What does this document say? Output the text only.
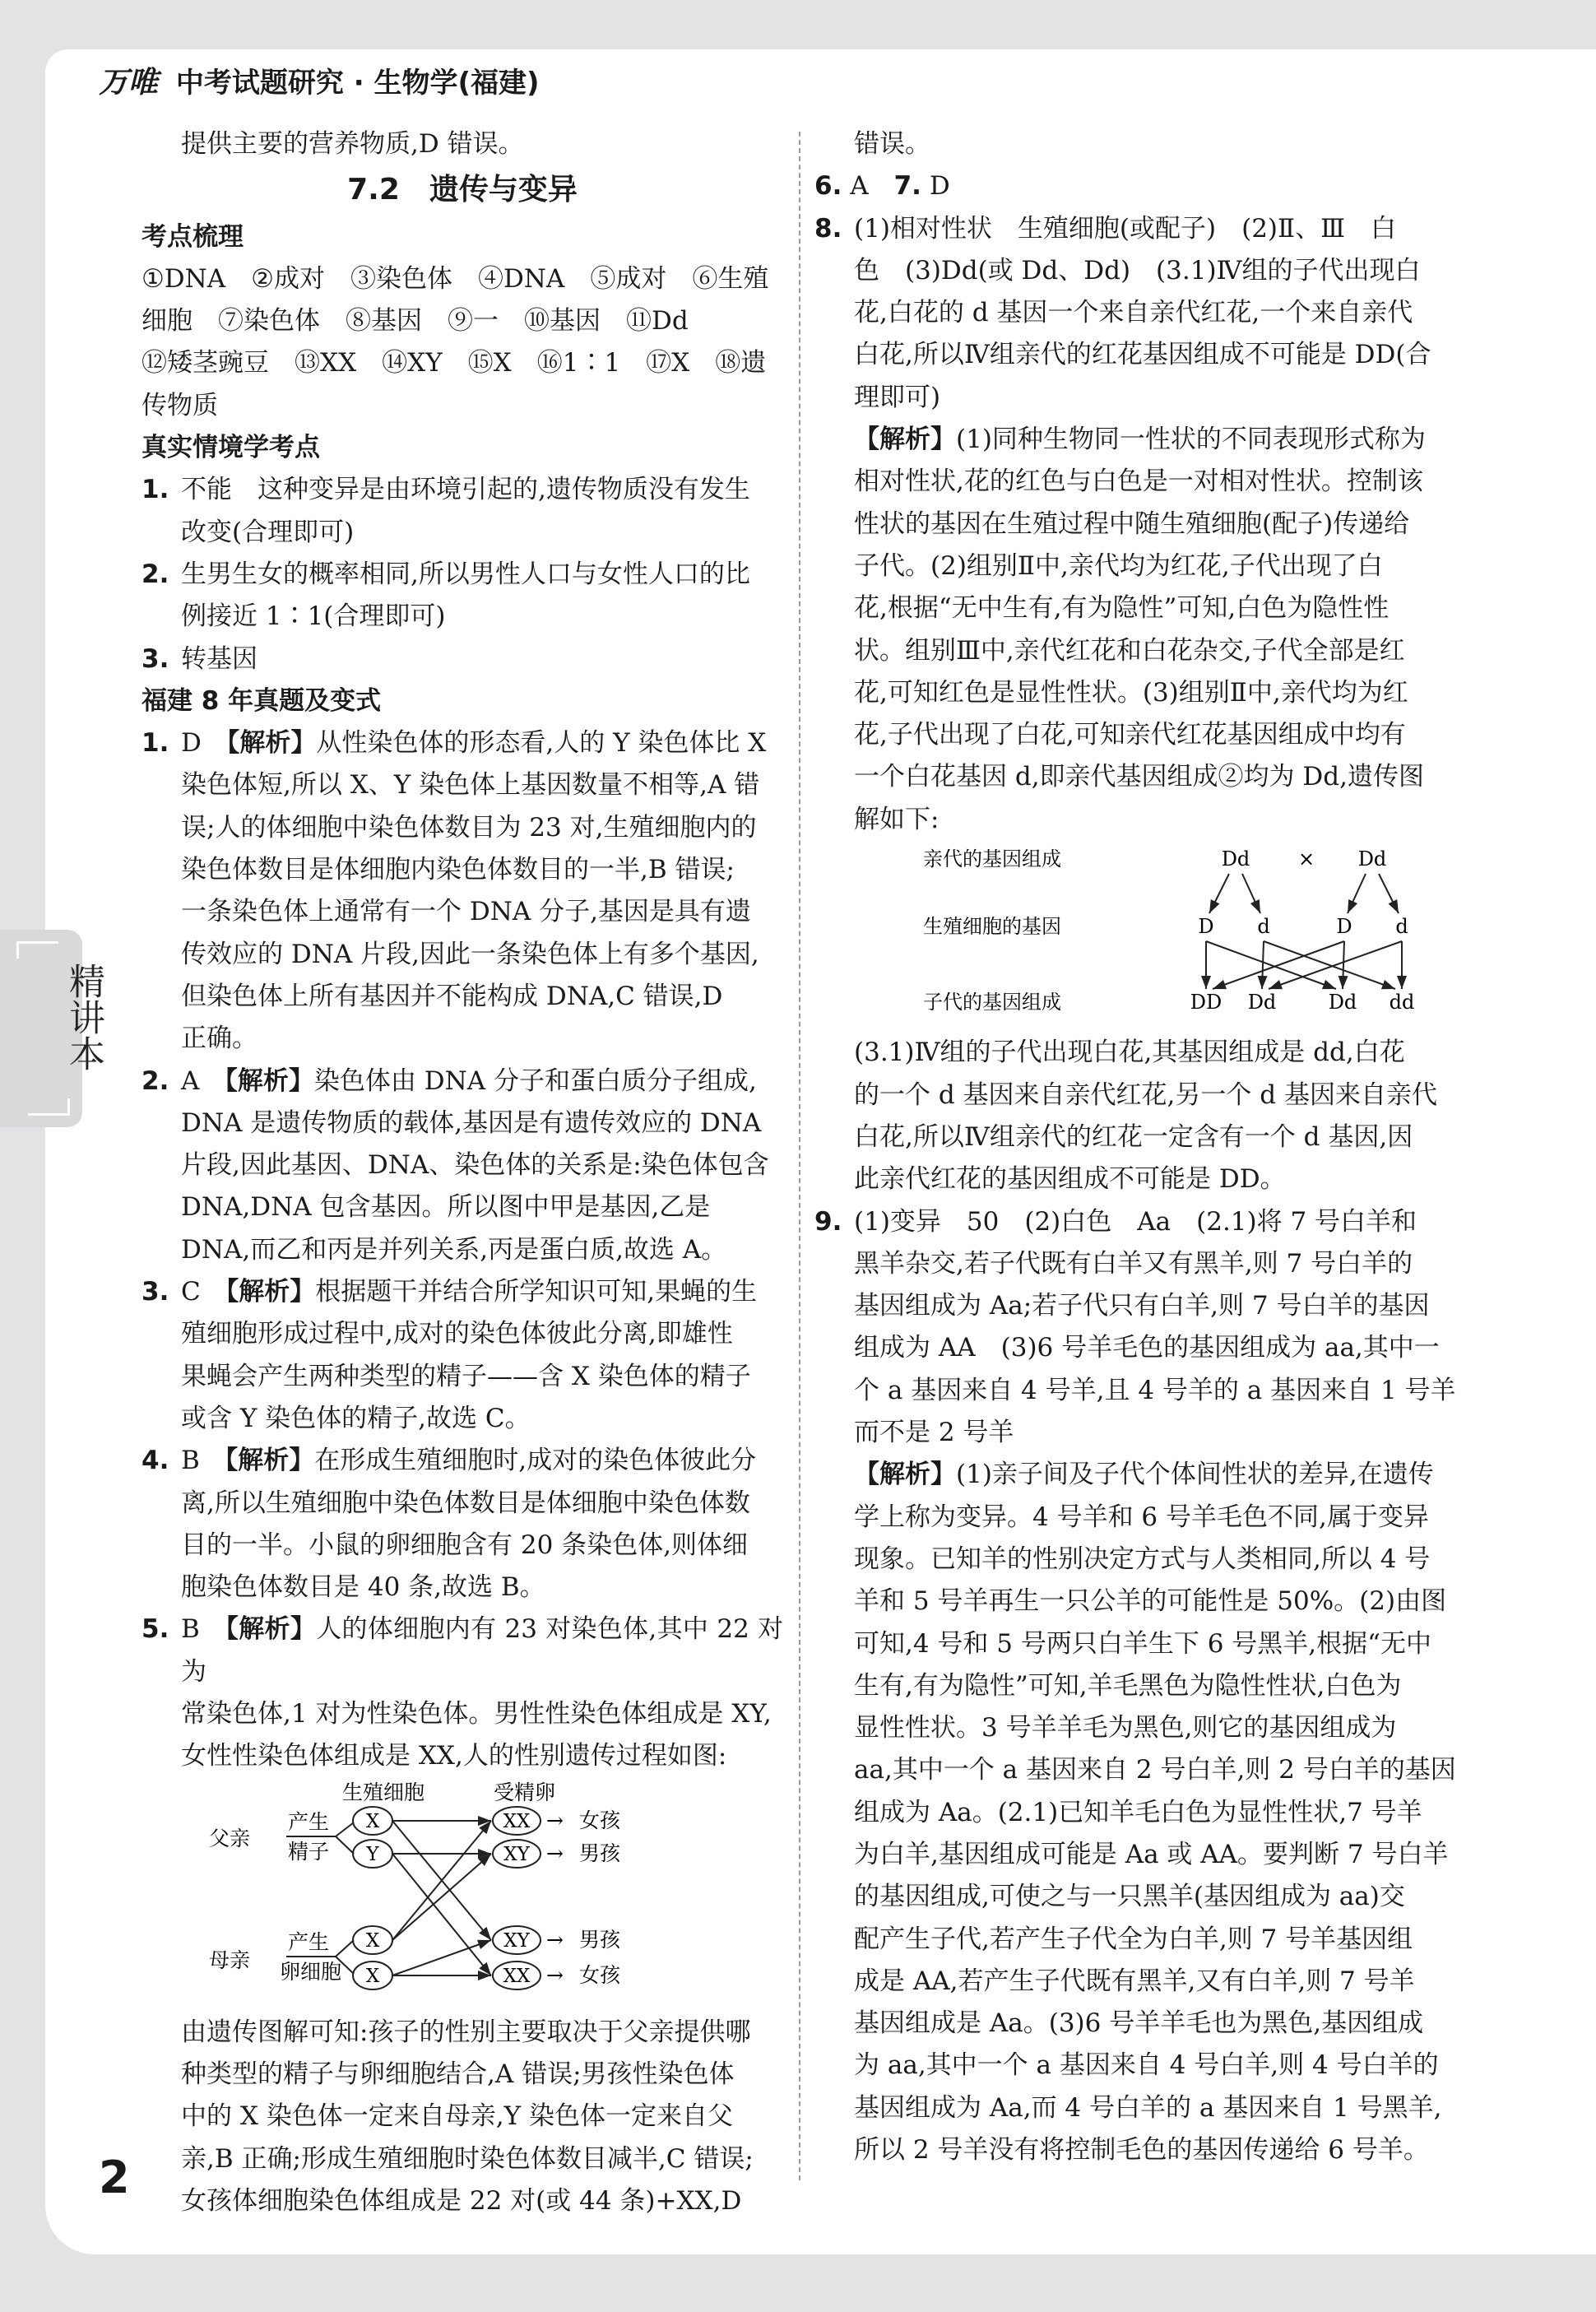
万唯 中考试题研究 · 生物学(福建)
精讲本

提供主要的营养物质,D 错误。

7.2　遗传与变异

考点梳理

①DNA　②成对　③染色体　④DNA　⑤成对　⑥生殖

细胞　⑦染色体　⑧基因　⑨一　⑩基因　⑪Dd

⑫矮茎豌豆　⑬XX　⑭XY　⑮X　⑯1∶1　⑰X　⑱遗

传物质

真实情境学考点

1. 不能　这种变异是由环境引起的,遗传物质没有发生
改变(合理即可)
2. 生男生女的概率相同,所以男性人口与女性人口的比
例接近 1∶1(合理即可)
3. 转基因

福建 8 年真题及变式

1. D　 【解析】从性染色体的形态看,人的 Y 染色体比 X
染色体短,所以 X、Y 染色体上基因数量不相等,A 错
误;人的体细胞中染色体数目为 23 对,生殖细胞内的
染色体数目是体细胞内染色体数目的一半,B 错误;
一条染色体上通常有一个 DNA 分子,基因是具有遗
传效应的 DNA 片段,因此一条染色体上有多个基因,
但染色体上所有基因并不能构成 DNA,C 错误,D
正确。
2. A　 【解析】染色体由 DNA 分子和蛋白质分子组成,
DNA 是遗传物质的载体,基因是有遗传效应的 DNA
片段,因此基因、DNA、染色体的关系是:染色体包含
DNA,DNA 包含基因。所以图中甲是基因,乙是
DNA,而乙和丙是并列关系,丙是蛋白质,故选 A。
3. C　 【解析】根据题干并结合所学知识可知,果蝇的生
殖细胞形成过程中,成对的染色体彼此分离,即雄性
果蝇会产生两种类型的精子——含 X 染色体的精子
或含 Y 染色体的精子,故选 C。
4. B　 【解析】在形成生殖细胞时,成对的染色体彼此分
离,所以生殖细胞中染色体数目是体细胞中染色体数
目的一半。小鼠的卵细胞含有 20 条染色体,则体细
胞染色体数目是 40 条,故选 B。
5. B　 【解析】人的体细胞内有 23 对染色体,其中 22 对为
常染色体,1 对为性染色体。男性性染色体组成是 XY,
女性性染色体组成是 XX,人的性别遗传过程如图:
生殖细胞	受精卵
父亲
产生
精子
母亲
产生
卵细胞
X
Y
X
X
XX
XY
XY
XX
→
→
→
→
女孩
男孩
男孩
女孩
由遗传图解可知:孩子的性别主要取决于父亲提供哪
种类型的精子与卵细胞结合,A 错误;男孩性染色体
中的 X 染色体一定来自母亲,Y 染色体一定来自父
亲,B 正确;形成生殖细胞时染色体数目减半,C 错误;
女孩体细胞染色体组成是 22 对(或 44 条)+XX,D

错误。

6. A　 7. D

8. (1)相对性状　生殖细胞(或配子)　(2)Ⅱ、Ⅲ　白
色　(3)Dd(或 Dd、Dd)　(3.1)Ⅳ组的子代出现白
花,白花的 d 基因一个来自亲代红花,一个来自亲代
白花,所以Ⅳ组亲代的红花基因组成不可能是 DD(合
理即可)
【解析】(1)同种生物同一性状的不同表现形式称为
相对性状,花的红色与白色是一对相对性状。控制该
性状的基因在生殖过程中随生殖细胞(配子)传递给
子代。(2)组别Ⅱ中,亲代均为红花,子代出现了白
花,根据“无中生有,有为隐性”可知,白色为隐性性
状。组别Ⅲ中,亲代红花和白花杂交,子代全部是红
花,可知红色是显性性状。(3)组别Ⅱ中,亲代均为红
花,子代出现了白花,可知亲代红花基因组成中均有
一个白花基因 d,即亲代基因组成②均为 Dd,遗传图
解如下:
亲代的基因组成
生殖细胞的基因
子代的基因组成
Dd × Dd
D d	D d
DD Dd	Dd dd
(3.1)Ⅳ组的子代出现白花,其基因组成是 dd,白花
的一个 d 基因来自亲代红花,另一个 d 基因来自亲代
白花,所以Ⅳ组亲代的红花一定含有一个 d 基因,因
此亲代红花的基因组成不可能是 DD。
9. (1)变异　50　(2)白色　Aa　(2.1)将 7 号白羊和
黑羊杂交,若子代既有白羊又有黑羊,则 7 号白羊的
基因组成为 Aa;若子代只有白羊,则 7 号白羊的基因
组成为 AA　(3)6 号羊毛色的基因组成为 aa,其中一
个 a 基因来自 4 号羊,且 4 号羊的 a 基因来自 1 号羊
而不是 2 号羊
【解析】(1)亲子间及子代个体间性状的差异,在遗传
学上称为变异。4 号羊和 6 号羊毛色不同,属于变异
现象。已知羊的性别决定方式与人类相同,所以 4 号
羊和 5 号羊再生一只公羊的可能性是 50%。(2)由图
可知,4 号和 5 号两只白羊生下 6 号黑羊,根据“无中
生有,有为隐性”可知,羊毛黑色为隐性性状,白色为
显性性状。3 号羊羊毛为黑色,则它的基因组成为
aa,其中一个 a 基因来自 2 号白羊,则 2 号白羊的基因
组成为 Aa。(2.1)已知羊毛白色为显性性状,7 号羊
为白羊,基因组成可能是 Aa 或 AA。要判断 7 号白羊
的基因组成,可使之与一只黑羊(基因组成为 aa)交
配产生子代,若产生子代全为白羊,则 7 号羊基因组
成是 AA,若产生子代既有黑羊,又有白羊,则 7 号羊
基因组成是 Aa。(3)6 号羊羊毛也为黑色,基因组成
为 aa,其中一个 a 基因来自 4 号白羊,则 4 号白羊的
基因组成为 Aa,而 4 号白羊的 a 基因来自 1 号黑羊,
所以 2 号羊没有将控制毛色的基因传递给 6 号羊。
2
